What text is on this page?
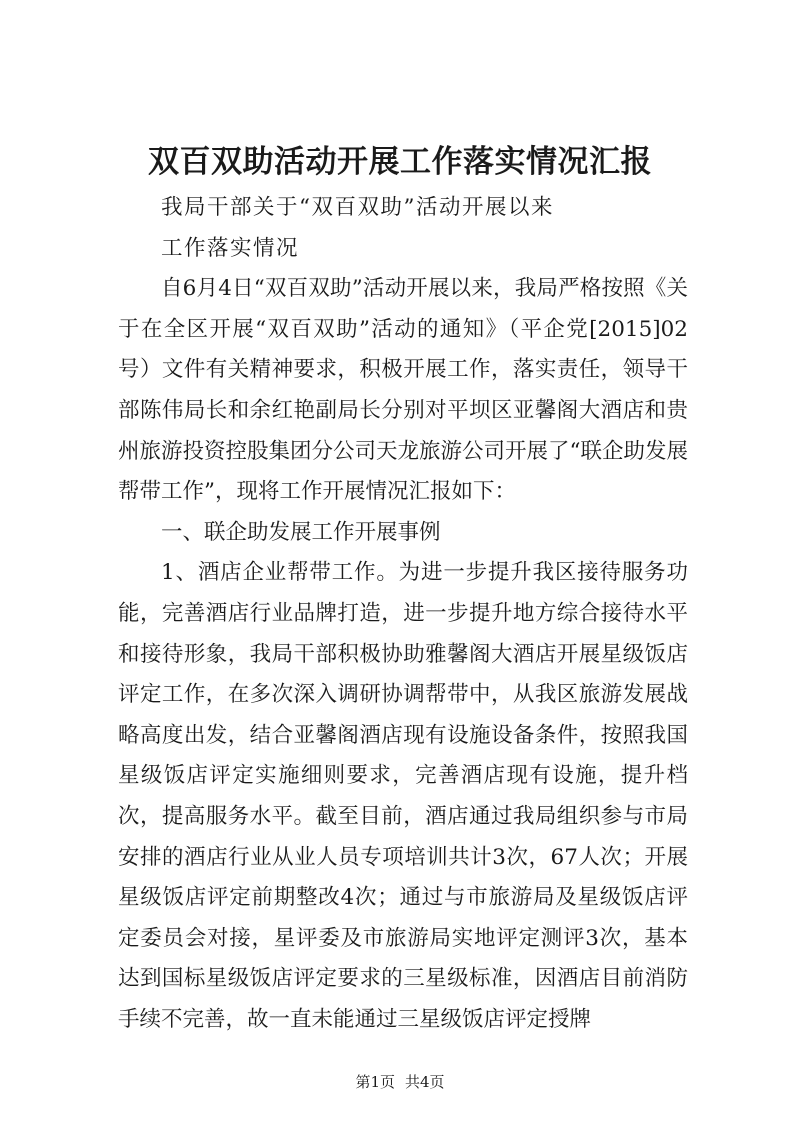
双百双助活动开展工作落实情况汇报

我局干部关于“双百双助”活动开展以来

工作落实情况

自6月4日“双百双助”活动开展以来，我局严格按照《关于在全区开展“双百双助”活动的通知》（平企党[2015]02号）文件有关精神要求，积极开展工作，落实责任，领导干部陈伟局长和余红艳副局长分别对平坝区亚馨阁大酒店和贵州旅游投资控股集团分公司天龙旅游公司开展了“联企助发展帮带工作”，现将工作开展情况汇报如下：

一、联企助发展工作开展事例

1、酒店企业帮带工作。为进一步提升我区接待服务功能，完善酒店行业品牌打造，进一步提升地方综合接待水平和接待形象，我局干部积极协助雅馨阁大酒店开展星级饭店评定工作，在多次深入调研协调帮带中，从我区旅游发展战略高度出发，结合亚馨阁酒店现有设施设备条件，按照我国星级饭店评定实施细则要求，完善酒店现有设施，提升档次，提高服务水平。截至目前，酒店通过我局组织参与市局安排的酒店行业从业人员专项培训共计3次，67人次；开展星级饭店评定前期整改4次；通过与市旅游局及星级饭店评定委员会对接，星评委及市旅游局实地评定测评3次，基本达到国标星级饭店评定要求的三星级标准，因酒店目前消防手续不完善，故一直未能通过三星级饭店评定授牌

第1页 共4页
